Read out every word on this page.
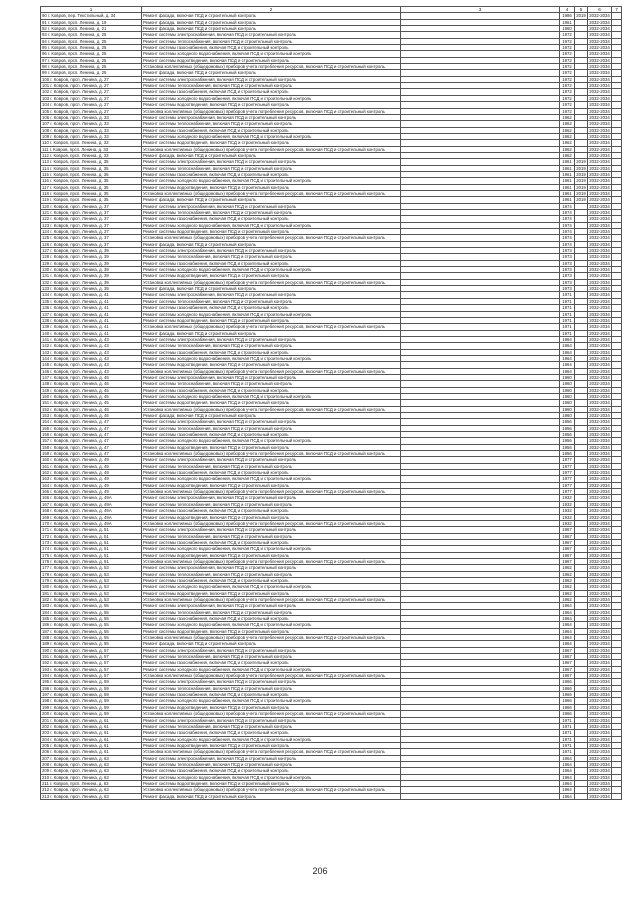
1	2	3	4	5	6	7
90 г. Ковров, пер. Текстильный, д. 34	Ремонт фасада, включая ПСД и строительный контроль		1986	2019	2032-2034	
91 г. Ковров, прсп. Ленина, д. 19	Ремонт фасада, включая ПСД и строительный контроль		1961		2032-2034	
92 г. Ковров, прсп. Ленина, д. 21	Ремонт фасада, включая ПСД и строительный контроль		1960		2032-2034	
93 г. Ковров, прсп. Ленина, д. 25	Ремонт системы электроснабжения, включая ПСД и строительный контроль		1972		2032-2034	
94 г. Ковров, прсп. Ленина, д. 25	Ремонт системы теплоснабжения, включая ПСД и строительный контроль		1972		2032-2034	
95 г. Ковров, прсп. Ленина, д. 25	Ремонт системы газоснабжения, включая ПСД и строительный контроль		1972		2032-2034	
96 г. Ковров, прсп. Ленина, д. 25	Ремонт системы холодного водоснабжения, включая ПСД и строительный контроль		1972		2032-2034	
97 г. Ковров, прсп. Ленина, д. 25	Ремонт системы водоотведения, включая ПСД и строительный контроль		1972		2032-2034	
98 г. Ковров, прсп. Ленина, д. 25	Установка коллективных (общедомовых) приборов учета потребления ресурсов, включая ПСД и строительный контроль		1972		2032-2034	
99 г. Ковров, прсп. Ленина, д. 25	Ремонт фасада, включая ПСД и строительный контроль		1972		2032-2034	
100 г. Ковров, прсп. Ленина, д. 27	Ремонт системы электроснабжения, включая ПСД и строительный контроль		1972		2032-2034	
101 г. Ковров, прсп. Ленина, д. 27	Ремонт системы теплоснабжения, включая ПСД и строительный контроль		1972		2032-2034	
102 г. Ковров, прсп. Ленина, д. 27	Ремонт системы газоснабжения, включая ПСД и строительный контроль		1972		2032-2034	
103 г. Ковров, прсп. Ленина, д. 27	Ремонт системы холодного водоснабжения, включая ПСД и строительный контроль		1972		2032-2034	
104 г. Ковров, прсп. Ленина, д. 27	Ремонт системы водоотведения, включая ПСД и строительный контроль		1972		2032-2034	
105 г. Ковров, прсп. Ленина, д. 27	Установка коллективных (общедомовых) приборов учета потребления ресурсов, включая ПСД и строительный контроль		1972		2032-2034	
106 г. Ковров, прсп. Ленина, д. 33	Ремонт системы электроснабжения, включая ПСД и строительный контроль		1962		2032-2034	
107 г. Ковров, прсп. Ленина, д. 33	Ремонт системы теплоснабжения, включая ПСД и строительный контроль		1962		2032-2034	
108 г. Ковров, прсп. Ленина, д. 33	Ремонт системы газоснабжения, включая ПСД и строительный контроль		1962		2032-2034	
109 г. Ковров, прсп. Ленина, д. 33	Ремонт системы холодного водоснабжения, включая ПСД и строительный контроль		1962		2032-2034	
110 г. Ковров, прсп. Ленина, д. 33	Ремонт системы водоотведения, включая ПСД и строительный контроль		1962		2032-2034	
111 г. Ковров, прсп. Ленина, д. 33	Установка коллективных (общедомовых) приборов учета потребления ресурсов, включая ПСД и строительный контроль		1962		2032-2034	
112 г. Ковров, прсп. Ленина, д. 33	Ремонт фасада, включая ПСД и строительный контроль		1962		2032-2034	
113 г. Ковров, прсп. Ленина, д. 35	Ремонт системы электроснабжения, включая ПСД и строительный контроль		1961	2019	2032-2034	
114 г. Ковров, прсп. Ленина, д. 35	Ремонт системы теплоснабжения, включая ПСД и строительный контроль		1961	2019	2032-2034	
115 г. Ковров, прсп. Ленина, д. 35	Ремонт системы газоснабжения, включая ПСД и строительный контроль		1961	2019	2032-2034	
116 г. Ковров, прсп. Ленина, д. 35	Ремонт системы холодного водоснабжения, включая ПСД и строительный контроль		1961	2019	2032-2034	
117 г. Ковров, прсп. Ленина, д. 35	Ремонт системы водоотведения, включая ПСД и строительный контроль		1961	2019	2032-2034	
118 г. Ковров, прсп. Ленина, д. 35	Установка коллективных (общедомовых) приборов учета потребления ресурсов, включая ПСД и строительный контроль		1961	2019	2032-2034	
119 г. Ковров, прсп. Ленина, д. 35	Ремонт фасада, включая ПСД и строительный контроль		1961	2019	2032-2034	
120 г. Ковров, прсп. Ленина, д. 37	Ремонт системы электроснабжения, включая ПСД и строительный контроль		1974		2032-2034	
121 г. Ковров, прсп. Ленина, д. 37	Ремонт системы теплоснабжения, включая ПСД и строительный контроль		1974		2032-2034	
122 г. Ковров, прсп. Ленина, д. 37	Ремонт системы газоснабжения, включая ПСД и строительный контроль		1974		2032-2034	
123 г. Ковров, прсп. Ленина, д. 37	Ремонт системы холодного водоснабжения, включая ПСД и строительный контроль		1974		2032-2034	
124 г. Ковров, прсп. Ленина, д. 37	Ремонт системы водоотведения, включая ПСД и строительный контроль		1974		2032-2034	
125 г. Ковров, прсп. Ленина, д. 37	Установка коллективных (общедомовых) приборов учета потребления ресурсов, включая ПСД и строительный контроль		1974		2032-2034	
126 г. Ковров, прсп. Ленина, д. 37	Ремонт фасада, включая ПСД и строительный контроль		1974		2032-2034	
127 г. Ковров, прсп. Ленина, д. 39	Ремонт системы электроснабжения, включая ПСД и строительный контроль		1973		2032-2034	
128 г. Ковров, прсп. Ленина, д. 39	Ремонт системы теплоснабжения, включая ПСД и строительный контроль		1973		2032-2034	
129 г. Ковров, прсп. Ленина, д. 39	Ремонт системы газоснабжения, включая ПСД и строительный контроль		1973		2032-2034	
130 г. Ковров, прсп. Ленина, д. 39	Ремонт системы холодного водоснабжения, включая ПСД и строительный контроль		1973		2032-2034	
131 г. Ковров, прсп. Ленина, д. 39	Ремонт системы водоотведения, включая ПСД и строительный контроль		1973		2032-2034	
132 г. Ковров, прсп. Ленина, д. 39	Установка коллективных (общедомовых) приборов учета потребления ресурсов, включая ПСД и строительный контроль		1973		2032-2034	
133 г. Ковров, прсп. Ленина, д. 39	Ремонт фасада, включая ПСД и строительный контроль		1973		2032-2034	
134 г. Ковров, прсп. Ленина, д. 41	Ремонт системы электроснабжения, включая ПСД и строительный контроль		1971		2032-2034	
135 г. Ковров, прсп. Ленина, д. 41	Ремонт системы теплоснабжения, включая ПСД и строительный контроль		1971		2032-2034	
136 г. Ковров, прсп. Ленина, д. 41	Ремонт системы газоснабжения, включая ПСД и строительный контроль		1971		2032-2034	
137 г. Ковров, прсп. Ленина, д. 41	Ремонт системы холодного водоснабжения, включая ПСД и строительный контроль		1971		2032-2034	
138 г. Ковров, прсп. Ленина, д. 41	Ремонт системы водоотведения, включая ПСД и строительный контроль		1971		2032-2034	
139 г. Ковров, прсп. Ленина, д. 41	Установка коллективных (общедомовых) приборов учета потребления ресурсов, включая ПСД и строительный контроль		1971		2032-2034	
140 г. Ковров, прсп. Ленина, д. 41	Ремонт фасада, включая ПСД и строительный контроль		1971		2032-2034	
141 г. Ковров, прсп. Ленина, д. 43	Ремонт системы электроснабжения, включая ПСД и строительный контроль		1964		2032-2034	
142 г. Ковров, прсп. Ленина, д. 43	Ремонт системы теплоснабжения, включая ПСД и строительный контроль		1964		2032-2034	
143 г. Ковров, прсп. Ленина, д. 43	Ремонт системы газоснабжения, включая ПСД и строительный контроль		1964		2032-2034	
144 г. Ковров, прсп. Ленина, д. 43	Ремонт системы холодного водоснабжения, включая ПСД и строительный контроль		1964		2032-2034	
145 г. Ковров, прсп. Ленина, д. 43	Ремонт системы водоотведения, включая ПСД и строительный контроль		1964		2032-2034	
146 г. Ковров, прсп. Ленина, д. 43	Установка коллективных (общедомовых) приборов учета потребления ресурсов, включая ПСД и строительный контроль		1964		2032-2034	
147 г. Ковров, прсп. Ленина, д. 45	Ремонт системы электроснабжения, включая ПСД и строительный контроль		1960		2032-2034	
148 г. Ковров, прсп. Ленина, д. 45	Ремонт системы теплоснабжения, включая ПСД и строительный контроль		1960		2032-2034	
149 г. Ковров, прсп. Ленина, д. 45	Ремонт системы газоснабжения, включая ПСД и строительный контроль		1960		2032-2034	
150 г. Ковров, прсп. Ленина, д. 45	Ремонт системы холодного водоснабжения, включая ПСД и строительный контроль		1960		2032-2034	
151 г. Ковров, прсп. Ленина, д. 45	Ремонт системы водоотведения, включая ПСД и строительный контроль		1960		2032-2034	
152 г. Ковров, прсп. Ленина, д. 45	Установка коллективных (общедомовых) приборов учета потребления ресурсов, включая ПСД и строительный контроль		1960		2032-2034	
153 г. Ковров, прсп. Ленина, д. 45	Ремонт фасада, включая ПСД и строительный контроль		1960		2032-2034	
154 г. Ковров, прсп. Ленина, д. 47	Ремонт системы электроснабжения, включая ПСД и строительный контроль		1956		2032-2034	
155 г. Ковров, прсп. Ленина, д. 47	Ремонт системы теплоснабжения, включая ПСД и строительный контроль		1956		2032-2034	
156 г. Ковров, прсп. Ленина, д. 47	Ремонт системы газоснабжения, включая ПСД и строительный контроль		1956		2032-2034	
157 г. Ковров, прсп. Ленина, д. 47	Ремонт системы холодного водоснабжения, включая ПСД и строительный контроль		1956		2032-2034	
158 г. Ковров, прсп. Ленина, д. 47	Ремонт системы водоотведения, включая ПСД и строительный контроль		1956		2032-2034	
159 г. Ковров, прсп. Ленина, д. 47	Установка коллективных (общедомовых) приборов учета потребления ресурсов, включая ПСД и строительный контроль		1956		2032-2034	
160 г. Ковров, прсп. Ленина, д. 49	Ремонт системы электроснабжения, включая ПСД и строительный контроль		1977		2032-2034	
161 г. Ковров, прсп. Ленина, д. 49	Ремонт системы теплоснабжения, включая ПСД и строительный контроль		1977		2032-2034	
162 г. Ковров, прсп. Ленина, д. 49	Ремонт системы газоснабжения, включая ПСД и строительный контроль		1977		2032-2034	
163 г. Ковров, прсп. Ленина, д. 49	Ремонт системы холодного водоснабжения, включая ПСД и строительный контроль		1977		2032-2034	
164 г. Ковров, прсп. Ленина, д. 49	Ремонт системы водоотведения, включая ПСД и строительный контроль		1977		2032-2034	
165 г. Ковров, прсп. Ленина, д. 49	Установка коллективных (общедомовых) приборов учета потребления ресурсов, включая ПСД и строительный контроль		1977		2032-2034	
166 г. Ковров, прсп. Ленина, д. 49А	Ремонт системы электроснабжения, включая ПСД и строительный контроль		1932		2032-2034	
167 г. Ковров, прсп. Ленина, д. 49А	Ремонт системы теплоснабжения, включая ПСД и строительный контроль		1932		2032-2034	
168 г. Ковров, прсп. Ленина, д. 49А	Ремонт системы газоснабжения, включая ПСД и строительный контроль		1932		2032-2034	
169 г. Ковров, прсп. Ленина, д. 49А	Ремонт системы водоотведения, включая ПСД и строительный контроль		1932		2032-2034	
170 г. Ковров, прсп. Ленина, д. 49А	Установка коллективных (общедомовых) приборов учета потребления ресурсов, включая ПСД и строительный контроль		1932		2032-2034	
171 г. Ковров, прсп. Ленина, д. 51	Ремонт системы электроснабжения, включая ПСД и строительный контроль		1967		2032-2034	
172 г. Ковров, прсп. Ленина, д. 51	Ремонт системы теплоснабжения, включая ПСД и строительный контроль		1967		2032-2034	
173 г. Ковров, прсп. Ленина, д. 51	Ремонт системы газоснабжения, включая ПСД и строительный контроль		1967		2032-2034	
174 г. Ковров, прсп. Ленина, д. 51	Ремонт системы холодного водоснабжения, включая ПСД и строительный контроль		1967		2032-2034	
175 г. Ковров, прсп. Ленина, д. 51	Ремонт системы водоотведения, включая ПСД и строительный контроль		1967		2032-2034	
176 г. Ковров, прсп. Ленина, д. 51	Установка коллективных (общедомовых) приборов учета потребления ресурсов, включая ПСД и строительный контроль		1967		2032-2034	
177 г. Ковров, прсп. Ленина, д. 53	Ремонт системы электроснабжения, включая ПСД и строительный контроль		1962		2032-2034	
178 г. Ковров, прсп. Ленина, д. 53	Ремонт системы теплоснабжения, включая ПСД и строительный контроль		1962		2032-2034	
179 г. Ковров, прсп. Ленина, д. 53	Ремонт системы газоснабжения, включая ПСД и строительный контроль		1962		2032-2034	
180 г. Ковров, прсп. Ленина, д. 53	Ремонт системы холодного водоснабжения, включая ПСД и строительный контроль		1962		2032-2034	
181 г. Ковров, прсп. Ленина, д. 53	Ремонт системы водоотведения, включая ПСД и строительный контроль		1962		2032-2034	
182 г. Ковров, прсп. Ленина, д. 53	Установка коллективных (общедомовых) приборов учета потребления ресурсов, включая ПСД и строительный контроль		1962		2032-2034	
183 г. Ковров, прсп. Ленина, д. 55	Ремонт системы электроснабжения, включая ПСД и строительный контроль		1964		2032-2034	
184 г. Ковров, прсп. Ленина, д. 55	Ремонт системы теплоснабжения, включая ПСД и строительный контроль		1964		2032-2034	
185 г. Ковров, прсп. Ленина, д. 55	Ремонт системы газоснабжения, включая ПСД и строительный контроль		1964		2032-2034	
186 г. Ковров, прсп. Ленина, д. 55	Ремонт системы холодного водоснабжения, включая ПСД и строительный контроль		1964		2032-2034	
187 г. Ковров, прсп. Ленина, д. 55	Ремонт системы водоотведения, включая ПСД и строительный контроль		1964		2032-2034	
188 г. Ковров, прсп. Ленина, д. 55	Установка коллективных (общедомовых) приборов учета потребления ресурсов, включая ПСД и строительный контроль		1964		2032-2034	
189 г. Ковров, прсп. Ленина, д. 55	Ремонт фасада, включая ПСД и строительный контроль		1964		2032-2034	
190 г. Ковров, прсп. Ленина, д. 57	Ремонт системы электроснабжения, включая ПСД и строительный контроль		1967		2032-2034	
191 г. Ковров, прсп. Ленина, д. 57	Ремонт системы теплоснабжения, включая ПСД и строительный контроль		1967		2032-2034	
192 г. Ковров, прсп. Ленина, д. 57	Ремонт системы газоснабжения, включая ПСД и строительный контроль		1967		2032-2034	
193 г. Ковров, прсп. Ленина, д. 57	Ремонт системы холодного водоснабжения, включая ПСД и строительный контроль		1967		2032-2034	
194 г. Ковров, прсп. Ленина, д. 57	Установка коллективных (общедомовых) приборов учета потребления ресурсов, включая ПСД и строительный контроль		1967		2032-2034	
195 г. Ковров, прсп. Ленина, д. 59	Ремонт системы электроснабжения, включая ПСД и строительный контроль		1966		2032-2034	
196 г. Ковров, прсп. Ленина, д. 59	Ремонт системы теплоснабжения, включая ПСД и строительный контроль		1966		2032-2034	
197 г. Ковров, прсп. Ленина, д. 59	Ремонт системы газоснабжения, включая ПСД и строительный контроль		1966		2032-2034	
198 г. Ковров, прсп. Ленина, д. 59	Ремонт системы холодного водоснабжения, включая ПСД и строительный контроль		1966		2032-2034	
199 г. Ковров, прсп. Ленина, д. 59	Ремонт системы водоотведения, включая ПСД и строительный контроль		1966		2032-2034	
200 г. Ковров, прсп. Ленина, д. 59	Установка коллективных (общедомовых) приборов учета потребления ресурсов, включая ПСД и строительный контроль		1966		2032-2034	
201 г. Ковров, прсп. Ленина, д. 61	Ремонт системы электроснабжения, включая ПСД и строительный контроль		1971		2032-2034	
202 г. Ковров, прсп. Ленина, д. 61	Ремонт системы теплоснабжения, включая ПСД и строительный контроль		1971		2032-2034	
203 г. Ковров, прсп. Ленина, д. 61	Ремонт системы газоснабжения, включая ПСД и строительный контроль		1971		2032-2034	
204 г. Ковров, прсп. Ленина, д. 61	Ремонт системы холодного водоснабжения, включая ПСД и строительный контроль		1971		2032-2034	
205 г. Ковров, прсп. Ленина, д. 61	Ремонт системы водоотведения, включая ПСД и строительный контроль		1971		2032-2034	
206 г. Ковров, прсп. Ленина, д. 61	Установка коллективных (общедомовых) приборов учета потребления ресурсов, включая ПСД и строительный контроль		1971		2032-2034	
207 г. Ковров, прсп. Ленина, д. 63	Ремонт системы электроснабжения, включая ПСД и строительный контроль		1964		2032-2034	
208 г. Ковров, прсп. Ленина, д. 63	Ремонт системы теплоснабжения, включая ПСД и строительный контроль		1964		2032-2034	
209 г. Ковров, прсп. Ленина, д. 63	Ремонт системы газоснабжения, включая ПСД и строительный контроль		1964		2032-2034	
210 г. Ковров, прсп. Ленина, д. 63	Ремонт системы холодного водоснабжения, включая ПСД и строительный контроль		1964		2032-2034	
211 г. Ковров, прсп. Ленина, д. 63	Ремонт системы водоотведения, включая ПСД и строительный контроль		1964		2032-2034	
212 г. Ковров, прсп. Ленина, д. 63	Установка коллективных (общедомовых) приборов учета потребления ресурсов, включая ПСД и строительный контроль		1964		2032-2034	
213 г. Ковров, прсп. Ленина, д. 63	Ремонт фасада, включая ПСД и строительный контроль		1964		2032-2034	
206
